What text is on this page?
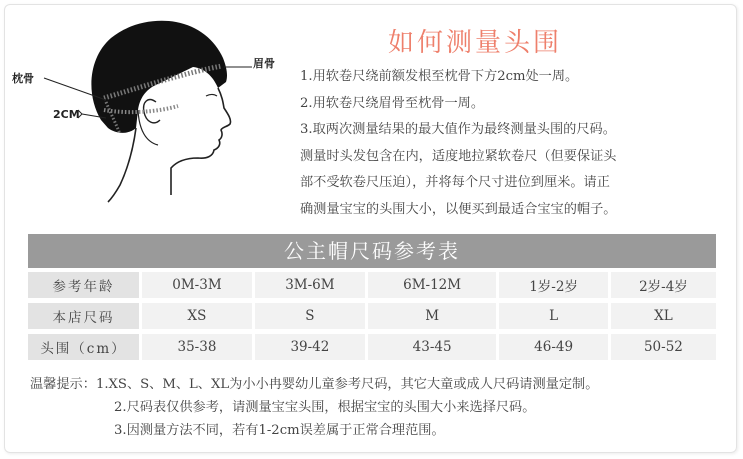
枕骨
眉骨
2CM
如何测量头围

1.用软卷尺绕前额发根至枕骨下方2cm处一周。

2.用软卷尺绕眉骨至枕骨一周。

3.取两次测量结果的最大值作为最终测量头围的尺码。

测量时头发包含在内，适度地拉紧软卷尺（但要保证头

部不受软卷尺压迫），并将每个尺寸进位到厘米。请正

确测量宝宝的头围大小，以便买到最适合宝宝的帽子。

公主帽尺码参考表
参考年龄	0M-3M	3M-6M	6M-12M	1岁-2岁	2岁-4岁
本店尺码	XS	S	M	L	XL
头围（cm）	35-38	39-42	43-45	46-49	50-52
温馨提示：1.XS、S、M、L、XL为小小冉婴幼儿童参考尺码，其它大童或成人尺码请测量定制。
2.尺码表仅供参考，请测量宝宝头围，根据宝宝的头围大小来选择尺码。
3.因测量方法不同，若有1-2cm误差属于正常合理范围。
